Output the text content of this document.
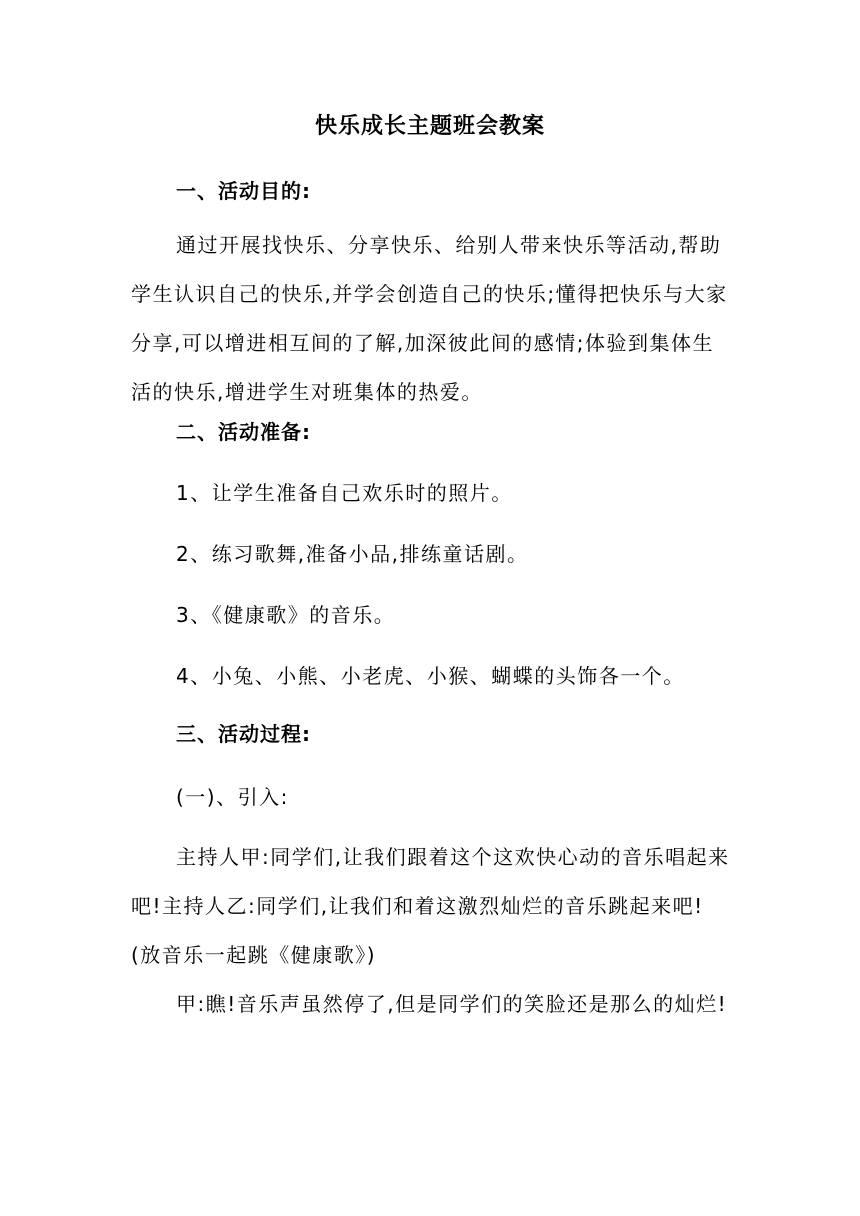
快乐成长主题班会教案
一、活动目的:
通过开展找快乐、分享快乐、给别人带来快乐等活动,帮助学生认识自己的快乐,并学会创造自己的快乐;懂得把快乐与大家分享,可以增进相互间的了解,加深彼此间的感情;体验到集体生活的快乐,增进学生对班集体的热爱。
二、活动准备:
1、让学生准备自己欢乐时的照片。
2、练习歌舞,准备小品,排练童话剧。
3、《健康歌》的音乐。
4、小兔、小熊、小老虎、小猴、蝴蝶的头饰各一个。
三、活动过程:
(一)、引入:
主持人甲:同学们,让我们跟着这个这欢快心动的音乐唱起来吧!主持人乙:同学们,让我们和着这激烈灿烂的音乐跳起来吧!(放音乐一起跳《健康歌》)
甲:瞧!音乐声虽然停了,但是同学们的笑脸还是那么的灿烂!
